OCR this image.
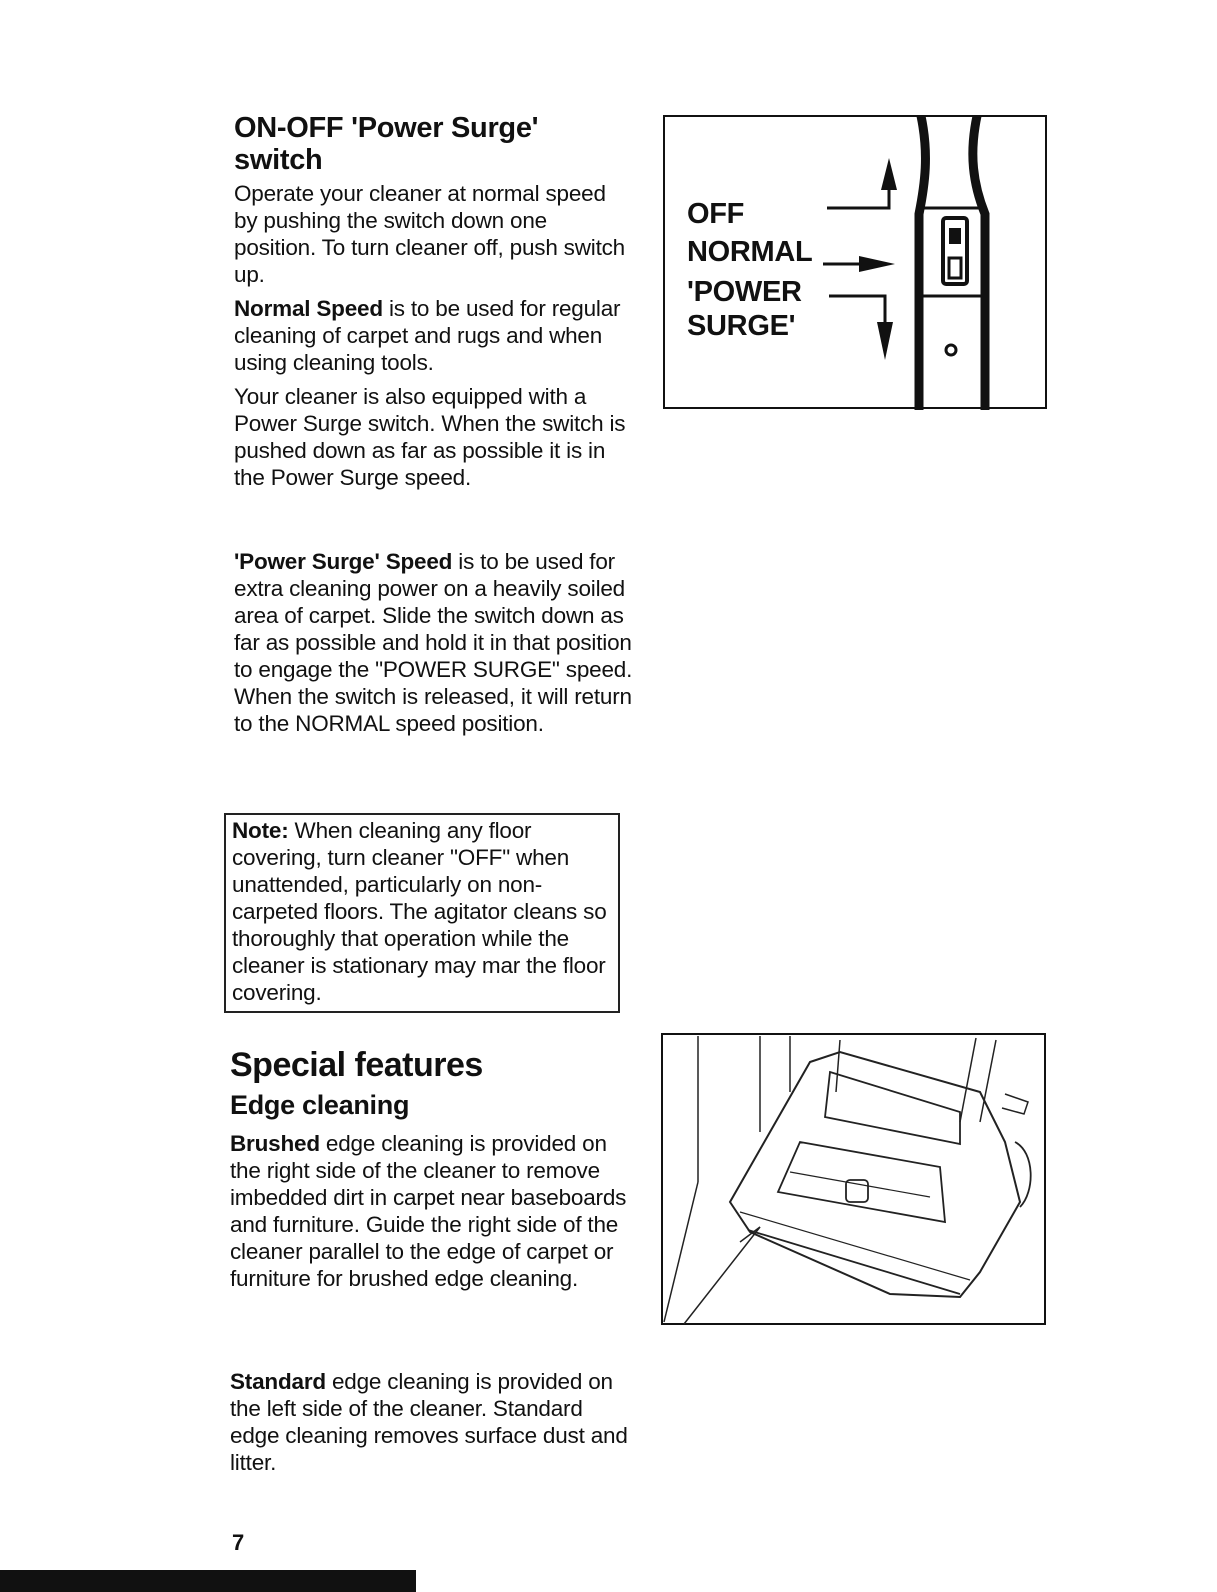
ON-OFF 'Power Surge'
switch

Operate your cleaner at normal speed by pushing the switch down one position. To turn cleaner off, push switch up.

Normal Speed is to be used for regular cleaning of carpet and rugs and when using cleaning tools.

Your cleaner is also equipped with a Power Surge switch. When the switch is pushed down as far as possible it is in the Power Surge speed.

'Power Surge' Speed is to be used for extra cleaning power on a heavily soiled area of carpet. Slide the switch down as far as possible and hold it in that position to engage the "POWER SURGE" speed. When the switch is released, it will return to the NORMAL speed position.

Note: When cleaning any floor covering, turn cleaner "OFF" when unattended, particularly on non-carpeted floors. The agitator cleans so thoroughly that operation while the cleaner is stationary may mar the floor covering.

Special features
Edge cleaning

Brushed edge cleaning is provided on the right side of the cleaner to remove imbedded dirt in carpet near baseboards and furniture. Guide the right side of the cleaner parallel to the edge of carpet or furniture for brushed edge cleaning.

Standard edge cleaning is provided on the left side of the cleaner. Standard edge cleaning removes surface dust and litter.

OFF
NORMAL
'POWER
SURGE'
7
